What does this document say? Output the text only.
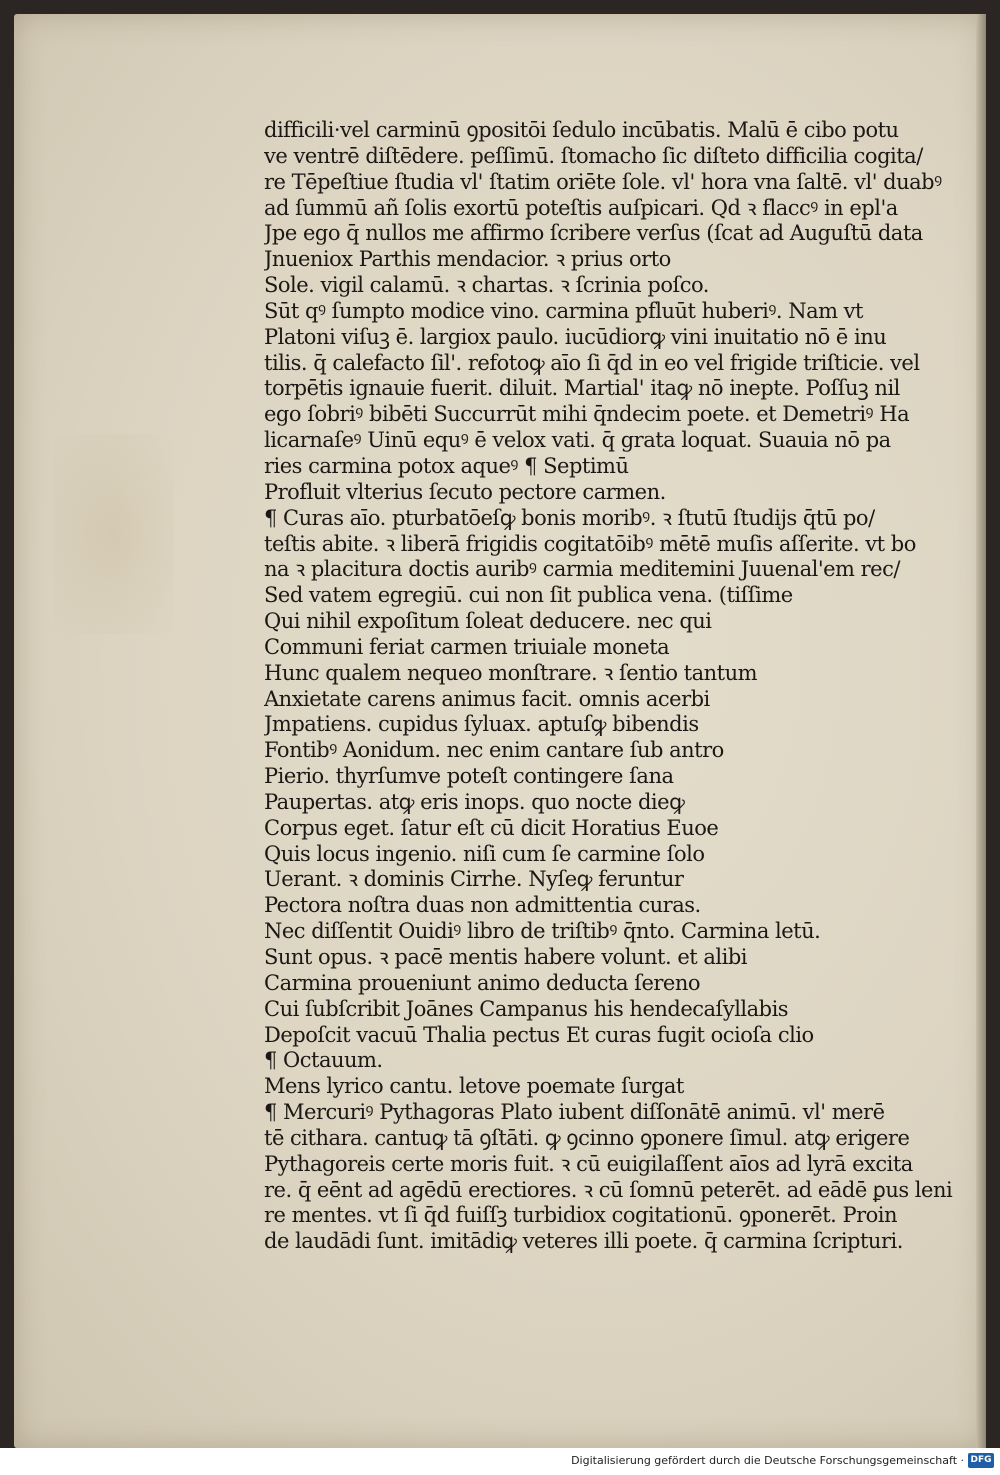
difficili·vel carminū ꝯpositōi ſedulo incūbatis. Malū ē cibo potu
ve ventrē diſtēdere. peſſimū. ſtomacho ſic diſteto difficilia cogita/
re Tēpeſtiue ſtudia vl' ſtatim oriēte ſole. vl' hora vna ſaltē. vl' duabꝰ
ad ſummū añ ſolis exortū poteſtis auſpicari. Qd̄ ꝛ flaccꝰ in epl'a
Jpe ego q̄ nullos me affirmo ſcribere verſus (ſcat ad Auguſtū data
Jnueniox Parthis mendacior. ꝛ prius orto
Sole. vigil calamū. ꝛ chartas. ꝛ ſcrinia poſco.
Sūt qꝰ ſumpto modice vino. carmina pfluūt huberiꝰ. Nam vt
Platoni viſuꝫ ē. largiox paulo. iucūdiorꝙ vini inuitatio nō ē inu
tilis. q̄ calefacto ſil'. refotoꝙ aīo ſi q̄d in eo vel frigide triſticie. vel
torpētis ignauie fuerit. diluit. Martial' itaꝙ nō inepte. Poſſuꝫ nil
ego ſobriꝰ bibēti Succurrūt mihi q̄ndecim poete. et Demetriꝰ Ha
licarnaſeꝰ Uinū equꝰ ē velox vati. q̄ grata loquat. Suauia nō pa
ries carmina potox aqueꝰ ¶ Septimū
Profluit vlterius ſecuto pectore carmen.
¶ Curas aīo. pturbatōeſꝙ bonis moribꝰ. ꝛ ſtutū ſtudijs q̄tū po/
teſtis abite. ꝛ liberā frigidis cogitatōibꝰ mētē muſis aſſerite. vt bo
na ꝛ placitura doctis auribꝰ carmia meditemini Juuenal'em rec/
Sed vatem egregiū. cui non ſit publica vena. (tiſſime
Qui nihil expoſitum ſoleat deducere. nec qui
Communi feriat carmen triuiale moneta
Hunc qualem nequeo monſtrare. ꝛ ſentio tantum
Anxietate carens animus facit. omnis acerbi
Jmpatiens. cupidus ſyluax. aptuſꝙ bibendis
Fontibꝰ Aonidum. nec enim cantare ſub antro
Pierio. thyrſumve poteſt contingere ſana
Paupertas. atꝙ eris inops. quo nocte dieꝙ
Corpus eget. ſatur eſt cū dicit Horatius Euoe
Quis locus ingenio. niſi cum ſe carmine ſolo
Uerant. ꝛ dominis Cirrhe. Nyſeꝙ feruntur
Pectora noſtra duas non admittentia curas.
Nec diſſentit Ouidiꝰ libro de triſtibꝰ q̄nto. Carmina letū.
Sunt opus. ꝛ pacē mentis habere volunt. et alibi
Carmina proueniunt animo deducta ſereno
Cui ſubſcribit Joānes Campanus his hendecaſyllabis
Depoſcit vacuū Thalia pectus Et curas fugit ocioſa clio
¶ Octauum.
Mens lyrico cantu. letove poemate ſurgat
¶ Mercuriꝰ Pythagoras Plato iubent diſſonātē animū. vl' merē
tē cithara. cantuꝙ tā ꝯſtāti. ꝙ ꝯcinno ꝯponere ſimul. atꝙ erigere
Pythagoreis certe moris fuit. ꝛ cū euigilaſſent aīos ad lyrā excita
re. q̄ eēnt ad agēdū erectiores. ꝛ cū ſomnū peterēt. ad eādē ꝑus leni
re mentes. vt ſi q̄d fuiſſꝫ turbidiox cogitationū. ꝯponerēt. Proin
de laudādi ſunt. imitādiꝙ veteres illi poete. q̄ carmina ſcripturi.
Digitalisierung gefördert durch die Deutsche Forschungsgemeinschaft · DFG
